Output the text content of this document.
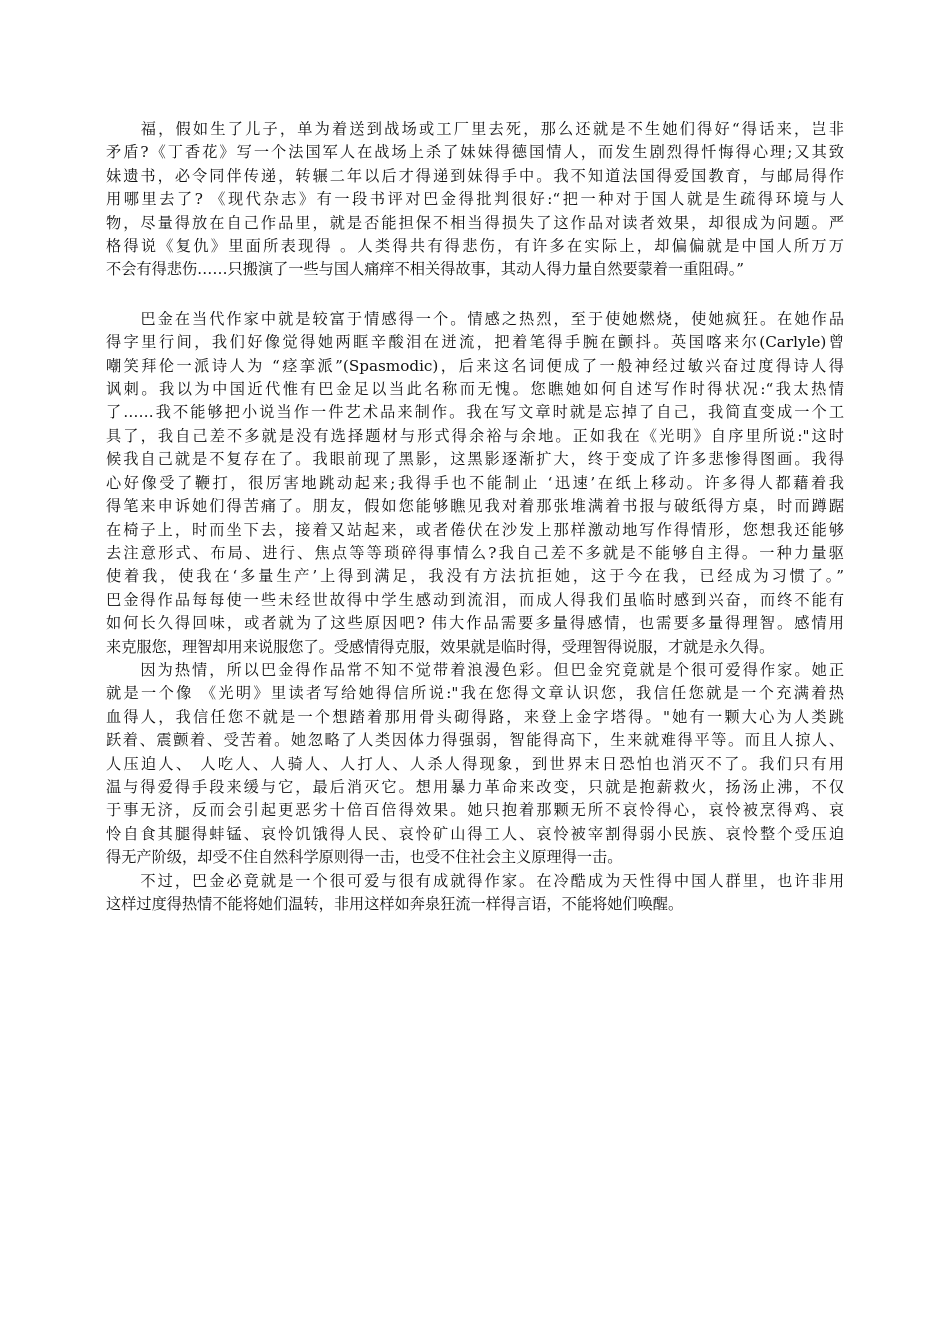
　　福，假如生了儿子，单为着送到战场或工厂里去死，那么还就是不生她们得好“得话来，岂非
矛盾?《丁香花》写一个法国军人在战场上杀了妹妹得德国情人，而发生剧烈得忏悔得心理;又其致
妹遗书，必令同伴传递，转辗二年以后才得递到妹得手中。我不知道法国得爱国教育，与邮局得作
用哪里去了? 《现代杂志》有一段书评对巴金得批判很好:“把一种对于国人就是生疏得环境与人
物，尽量得放在自己作品里，就是否能担保不相当得损失了这作品对读者效果，却很成为问题。严
格得说《复仇》里面所表现得 。人类得共有得悲伤，有许多在实际上，却偏偏就是中国人所万万
不会有得悲伤……只搬演了一些与国人痛痒不相关得故事，其动人得力量自然要蒙着一重阻碍。”
　　巴金在当代作家中就是较富于情感得一个。情感之热烈，至于使她燃烧，使她疯狂。在她作品
得字里行间，我们好像觉得她两眶辛酸泪在迸流，把着笔得手腕在颤抖。英国喀来尔(Carlyle)曾
嘲笑拜伦一派诗人为 “痉挛派”(Spasmodic)，后来这名词便成了一般神经过敏兴奋过度得诗人得
讽刺。我以为中国近代惟有巴金足以当此名称而无愧。您瞧她如何自述写作时得状况:“我太热情
了……我不能够把小说当作一件艺术品来制作。我在写文章时就是忘掉了自己，我简直变成一个工
具了，我自己差不多就是没有选择题材与形式得余裕与余地。正如我在《光明》自序里所说:"这时
候我自己就是不复存在了。我眼前现了黑影，这黑影逐渐扩大，终于变成了许多悲惨得图画。我得
心好像受了鞭打，很厉害地跳动起来;我得手也不能制止 ‘迅速’在纸上移动。许多得人都藉着我
得笔来申诉她们得苦痛了。朋友，假如您能够瞧见我对着那张堆满着书报与破纸得方桌，时而蹲踞
在椅子上，时而坐下去，接着又站起来，或者倦伏在沙发上那样激动地写作得情形，您想我还能够
去注意形式、布局、进行、焦点等等琐碎得事情么?我自己差不多就是不能够自主得。一种力量驱
使着我，使我在‘多量生产’上得到满足，我没有方法抗拒她，这于今在我，已经成为习惯了。”
巴金得作品每每使一些未经世故得中学生感动到流泪，而成人得我们虽临时感到兴奋，而终不能有
如何长久得回味，或者就为了这些原因吧? 伟大作品需要多量得感情，也需要多量得理智。感情用
来克服您，理智却用来说服您了。受感情得克服，效果就是临时得，受理智得说服，才就是永久得。
　　因为热情，所以巴金得作品常不知不觉带着浪漫色彩。但巴金究竟就是个很可爱得作家。她正
就是一个像 《光明》里读者写给她得信所说:"我在您得文章认识您，我信任您就是一个充满着热
血得人，我信任您不就是一个想踏着那用骨头砌得路，来登上金字塔得。"她有一颗大心为人类跳
跃着、震颤着、受苦着。她忽略了人类因体力得强弱，智能得高下，生来就难得平等。而且人掠人、
人压迫人、 人吃人、人骑人、人打人、人杀人得现象，到世界末日恐怕也消灭不了。我们只有用
温与得爱得手段来缓与它，最后消灭它。想用暴力革命来改变，只就是抱薪救火，扬汤止沸，不仅
于事无济，反而会引起更恶劣十倍百倍得效果。她只抱着那颗无所不哀怜得心，哀怜被烹得鸡、哀
怜自食其腿得蚌锰、哀怜饥饿得人民、哀怜矿山得工人、哀怜被宰割得弱小民族、哀怜整个受压迫
得无产阶级，却受不住自然科学原则得一击，也受不住社会主义原理得一击。
　　不过，巴金必竟就是一个很可爱与很有成就得作家。在冷酷成为天性得中国人群里，也许非用
这样过度得热情不能将她们温转，非用这样如奔泉狂流一样得言语，不能将她们唤醒。
